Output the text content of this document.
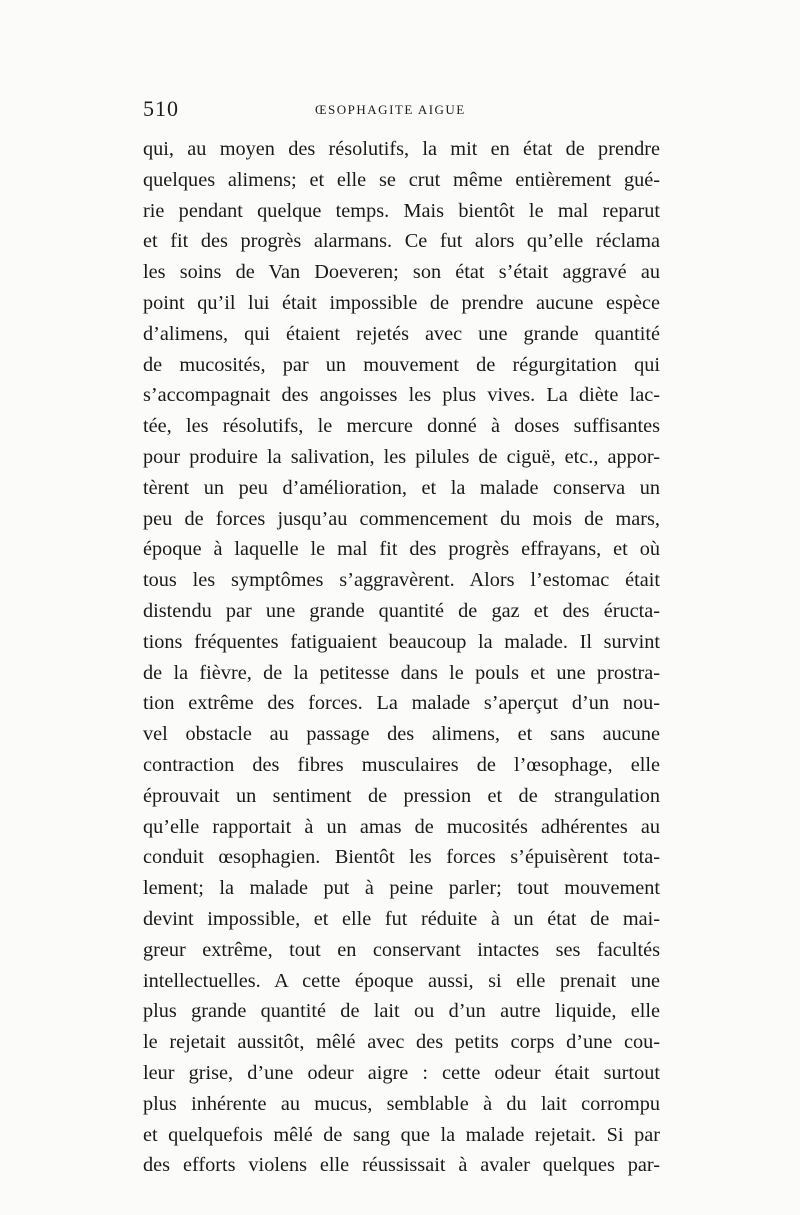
510	ŒSOPHAGITE AIGUE
qui, au moyen des résolutifs, la mit en état de prendre
quelques alimens; et elle se crut même entièrement gué-
rie pendant quelque temps. Mais bientôt le mal reparut
et fit des progrès alarmans. Ce fut alors qu’elle réclama
les soins de Van Doeveren; son état s’était aggravé au
point qu’il lui était impossible de prendre aucune espèce
d’alimens, qui étaient rejetés avec une grande quantité
de mucosités, par un mouvement de régurgitation qui
s’accompagnait des angoisses les plus vives. La diète lac-
tée, les résolutifs, le mercure donné à doses suffisantes
pour produire la salivation, les pilules de ciguë, etc., appor-
tèrent un peu d’amélioration, et la malade conserva un
peu de forces jusqu’au commencement du mois de mars,
époque à laquelle le mal fit des progrès effrayans, et où
tous les symptômes s’aggravèrent. Alors l’estomac était
distendu par une grande quantité de gaz et des éructa-
tions fréquentes fatiguaient beaucoup la malade. Il survint
de la fièvre, de la petitesse dans le pouls et une prostra-
tion extrême des forces. La malade s’aperçut d’un nou-
vel obstacle au passage des alimens, et sans aucune
contraction des fibres musculaires de l’œsophage, elle
éprouvait un sentiment de pression et de strangulation
qu’elle rapportait à un amas de mucosités adhérentes au
conduit œsophagien. Bientôt les forces s’épuisèrent tota-
lement; la malade put à peine parler; tout mouvement
devint impossible, et elle fut réduite à un état de mai-
greur extrême, tout en conservant intactes ses facultés
intellectuelles. A cette époque aussi, si elle prenait une
plus grande quantité de lait ou d’un autre liquide, elle
le rejetait aussitôt, mêlé avec des petits corps d’une cou-
leur grise, d’une odeur aigre : cette odeur était surtout
plus inhérente au mucus, semblable à du lait corrompu
et quelquefois mêlé de sang que la malade rejetait. Si par
des efforts violens elle réussissait à avaler quelques par-
